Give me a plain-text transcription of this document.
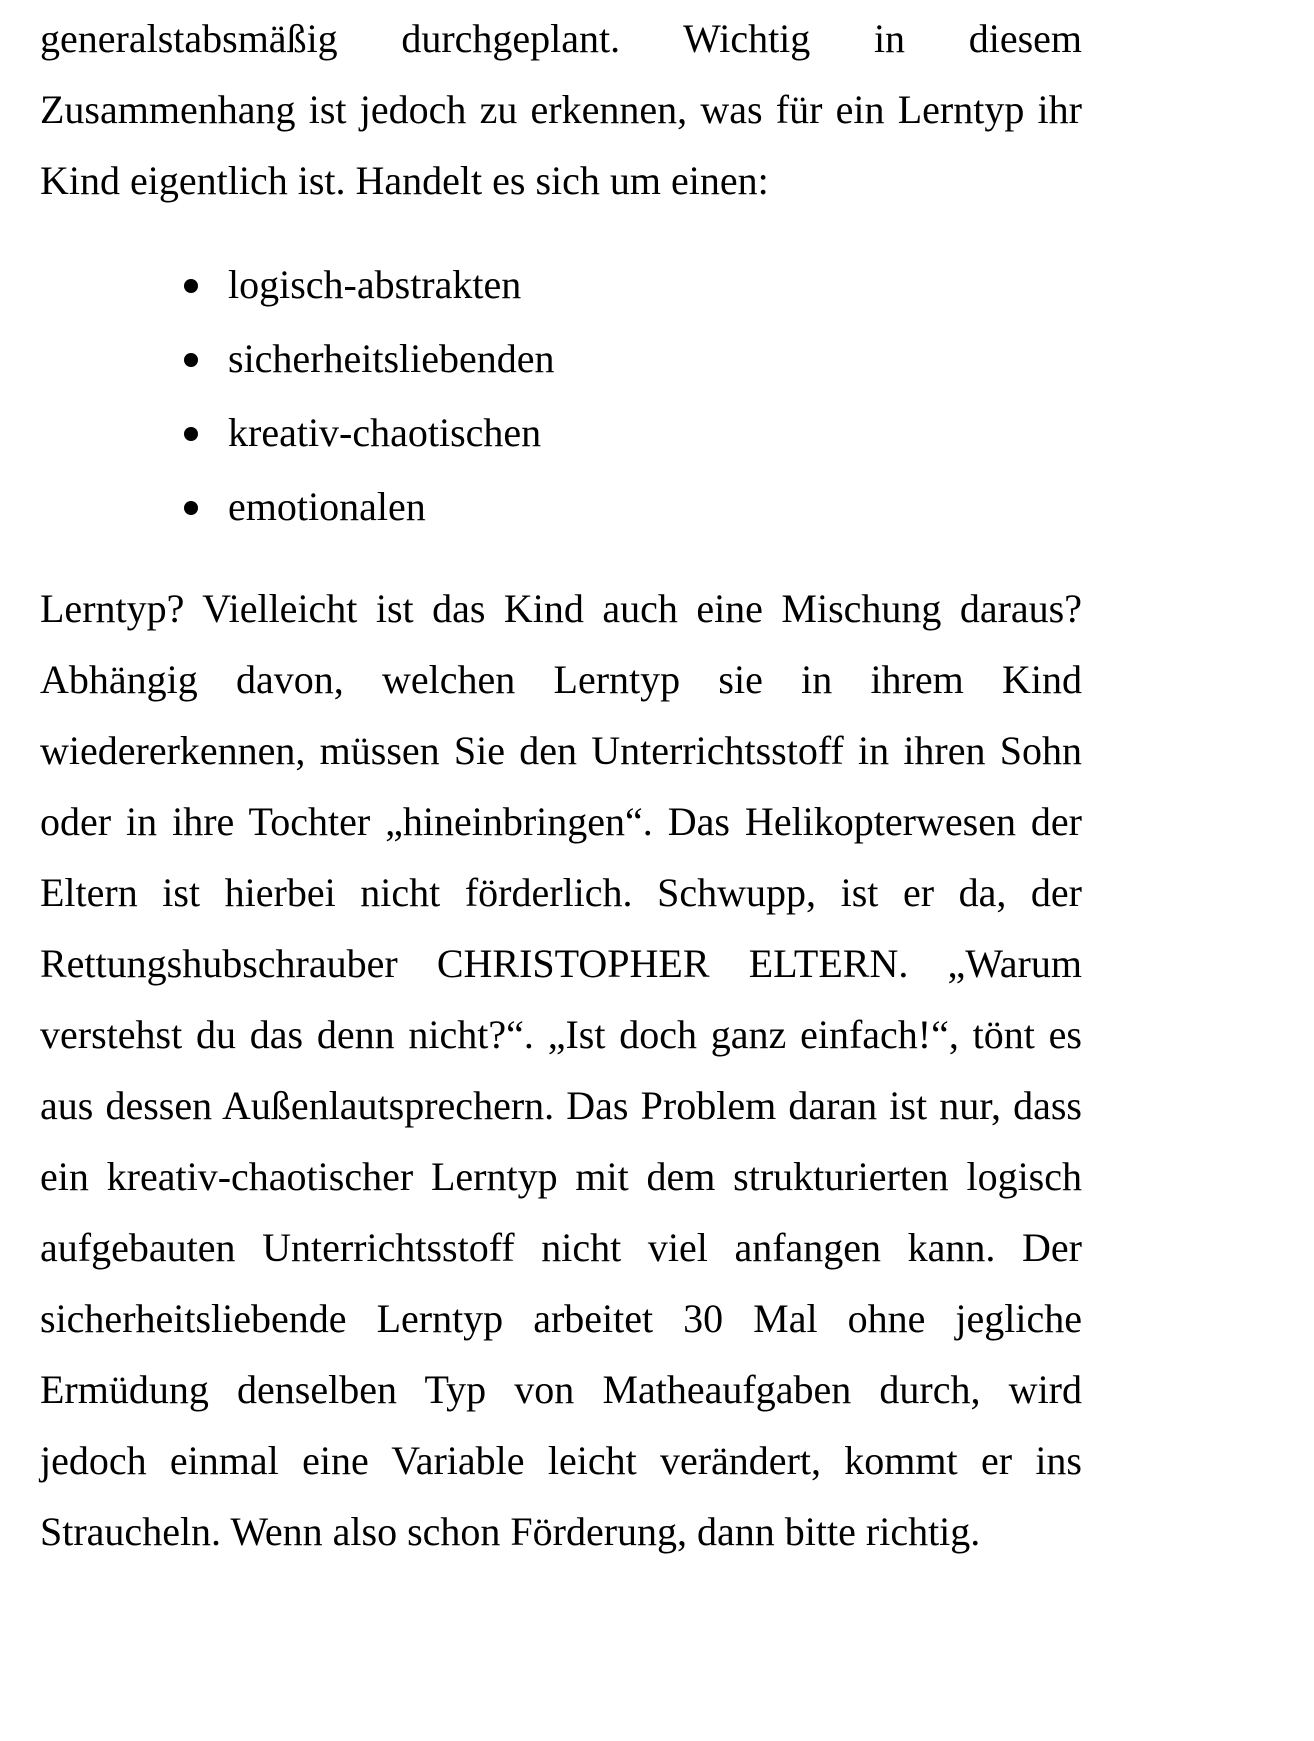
generalstabsmäßig durchgeplant. Wichtig in diesem
Zusammenhang ist jedoch zu erkennen, was für ein Lerntyp ihr
Kind eigentlich ist. Handelt es sich um einen:
logisch-abstrakten
sicherheitsliebenden
kreativ-chaotischen
emotionalen
Lerntyp? Vielleicht ist das Kind auch eine Mischung daraus?
Abhängig davon, welchen Lerntyp sie in ihrem Kind
wiedererkennen, müssen Sie den Unterrichtsstoff in ihren Sohn
oder in ihre Tochter „hineinbringen“. Das Helikopterwesen der
Eltern ist hierbei nicht förderlich. Schwupp, ist er da, der
Rettungshubschrauber CHRISTOPHER ELTERN. „Warum
verstehst du das denn nicht?“. „Ist doch ganz einfach!“, tönt es
aus dessen Außenlautsprechern. Das Problem daran ist nur, dass
ein kreativ-chaotischer Lerntyp mit dem strukturierten logisch
aufgebauten Unterrichtsstoff nicht viel anfangen kann. Der
sicherheitsliebende Lerntyp arbeitet 30 Mal ohne jegliche
Ermüdung denselben Typ von Matheaufgaben durch, wird
jedoch einmal eine Variable leicht verändert, kommt er ins
Straucheln. Wenn also schon Förderung, dann bitte richtig.
